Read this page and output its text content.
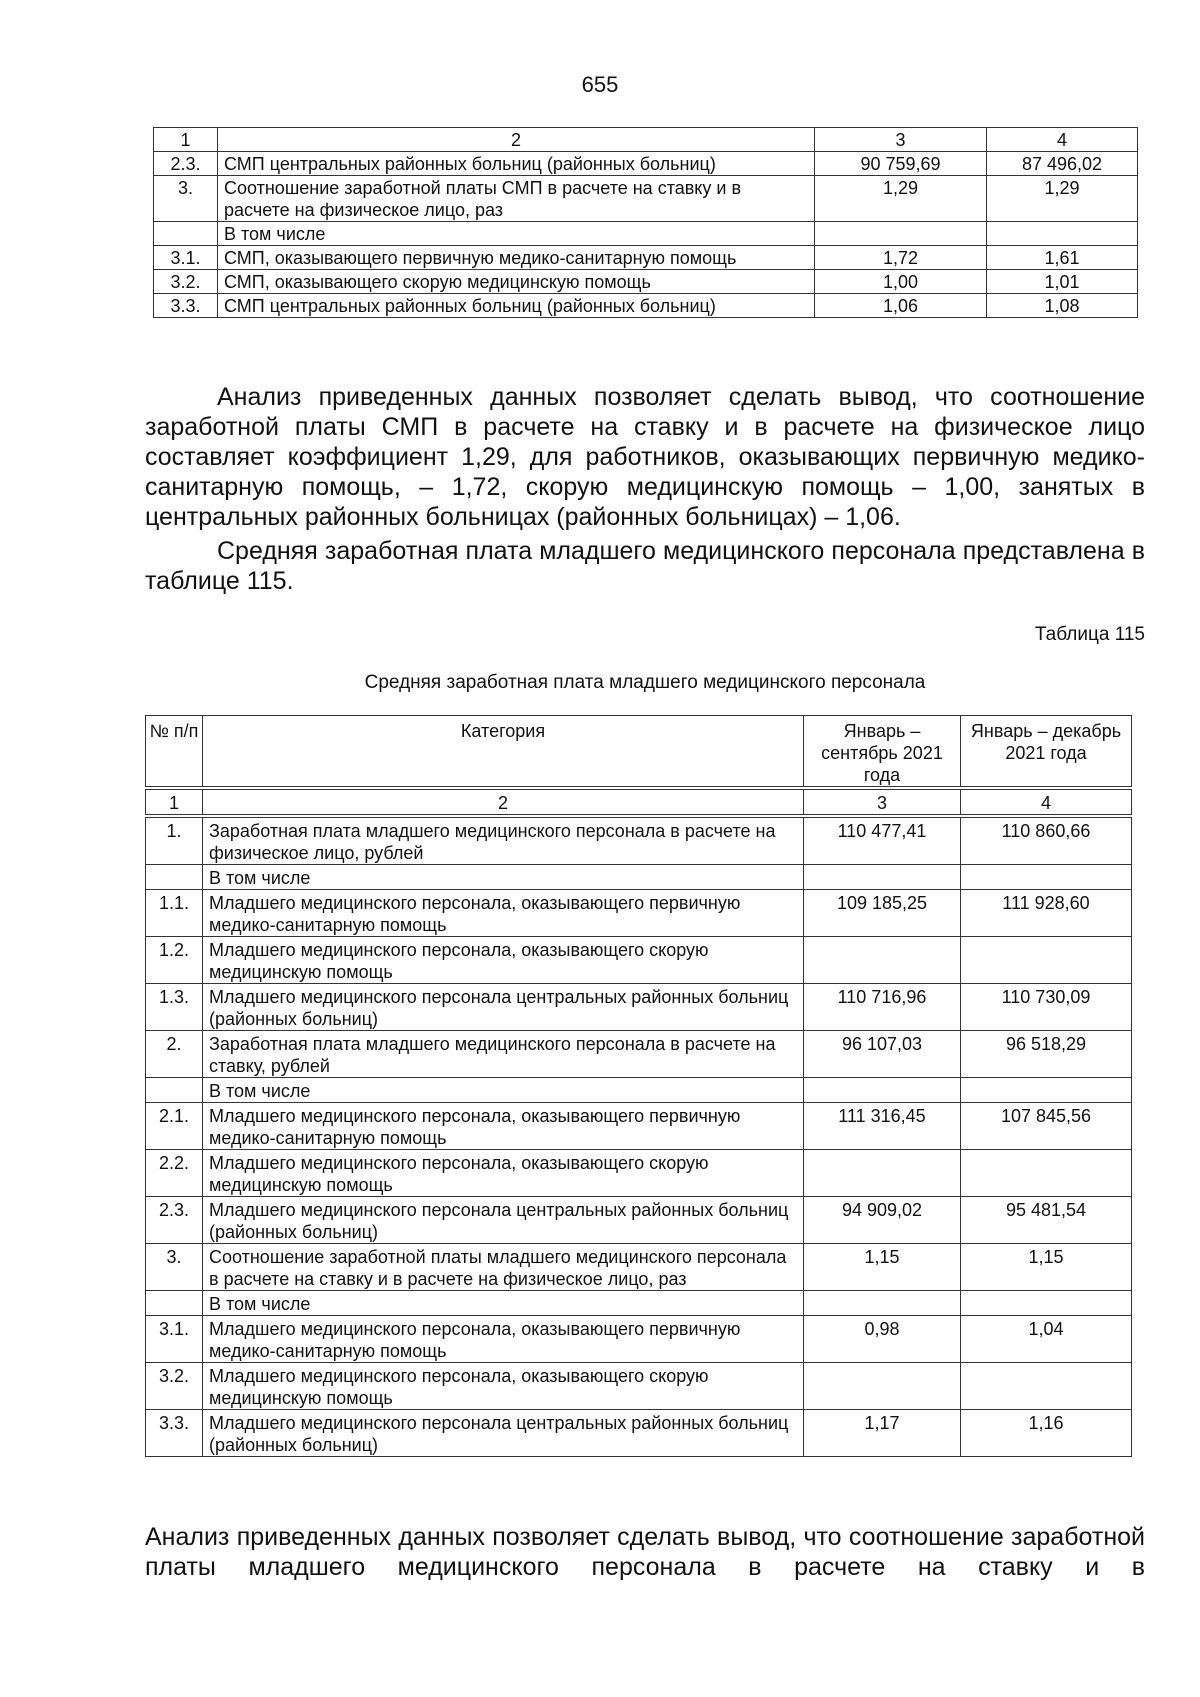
655
1	2	3	4
2.3.	СМП центральных районных больниц (районных больниц)	90 759,69	87 496,02
3.	Соотношение заработной платы СМП в расчете на ставку и в расчете на физическое лицо, раз	1,29	1,29
	В том числе		
3.1.	СМП, оказывающего первичную медико-санитарную помощь	1,72	1,61
3.2.	СМП, оказывающего скорую медицинскую помощь	1,00	1,01
3.3.	СМП центральных районных больниц (районных больниц)	1,06	1,08

Анализ приведенных данных позволяет сделать вывод, что соотношение заработной платы СМП в расчете на ставку и в расчете на физическое лицо составляет коэффициент 1,29, для работников, оказывающих первичную медико-санитарную помощь, – 1,72, скорую медицинскую помощь – 1,00, занятых в центральных районных больницах (районных больницах) – 1,06.

Средняя заработная плата младшего медицинского персонала представлена в таблице 115.

Таблица 115
Средняя заработная плата младшего медицинского персонала
№ п/п	Категория	Январь – сентябрь 2021 года	Январь – декабрь 2021 года
1	2	3	4
1.	Заработная плата младшего медицинского персонала в расчете на физическое лицо, рублей	110 477,41	110 860,66
	В том числе		
1.1.	Младшего медицинского персонала, оказывающего первичную медико-санитарную помощь	109 185,25	111 928,60
1.2.	Младшего медицинского персонала, оказывающего скорую медицинскую помощь		
1.3.	Младшего медицинского персонала центральных районных больниц (районных больниц)	110 716,96	110 730,09
2.	Заработная плата младшего медицинского персонала в расчете на ставку, рублей	96 107,03	96 518,29
	В том числе		
2.1.	Младшего медицинского персонала, оказывающего первичную медико-санитарную помощь	111 316,45	107 845,56
2.2.	Младшего медицинского персонала, оказывающего скорую медицинскую помощь		
2.3.	Младшего медицинского персонала центральных районных больниц (районных больниц)	94 909,02	95 481,54
3.	Соотношение заработной платы младшего медицинского персонала в расчете на ставку и в расчете на физическое лицо, раз	1,15	1,15
	В том числе		
3.1.	Младшего медицинского персонала, оказывающего первичную медико-санитарную помощь	0,98	1,04
3.2.	Младшего медицинского персонала, оказывающего скорую медицинскую помощь		
3.3.	Младшего медицинского персонала центральных районных больниц (районных больниц)	1,17	1,16

Анализ приведенных данных позволяет сделать вывод, что соотношение заработной платы младшего медицинского персонала в расчете на ставку и в
